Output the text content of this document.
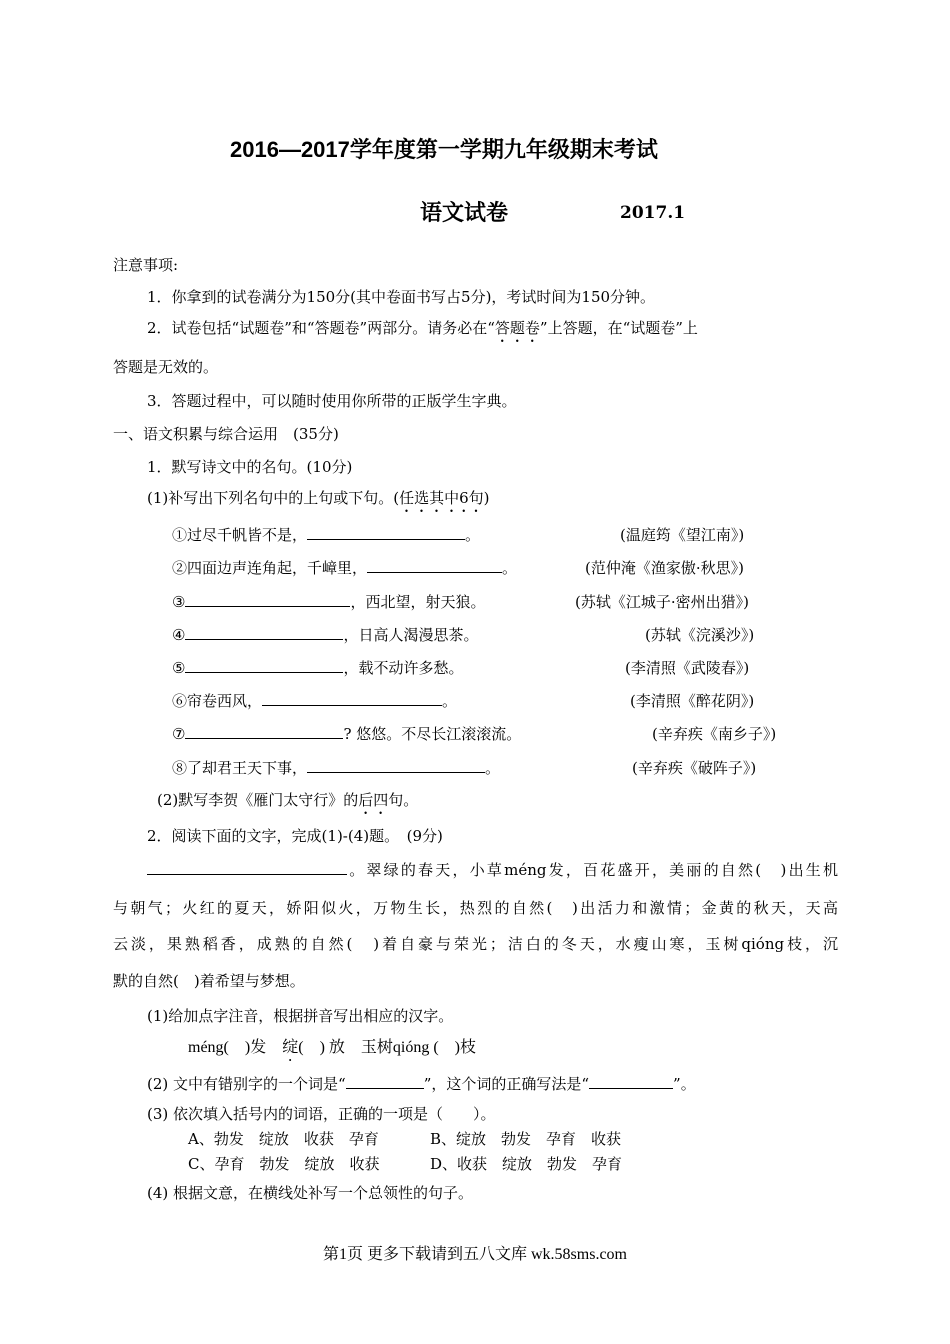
2016—2017学年度第一学期九年级期末考试
语文试卷	2017.1
注意事项:
1．你拿到的试卷满分为150分(其中卷面书写占5分)，考试时间为150分钟。
2．试卷包括“试题卷”和“答题卷”两部分。请务必在“答题卷”上答题，在“试题卷”上
答题是无效的。
3．答题过程中，可以随时使用你所带的正版学生字典。
一、语文积累与综合运用　(35分)
1．默写诗文中的名句。(10分)
(1)补写出下列名句中的上句或下句。(任选其中6句)
①过尽千帆皆不是，	。	(温庭筠《望江南》)
②四面边声连角起，千嶂里，	。	(范仲淹《渔家傲·秋思》)
③	，西北望，射天狼。	(苏轼《江城子·密州出猎》)
④	，日高人渴漫思茶。	(苏轼《浣溪沙》)
⑤	，载不动许多愁。	(李清照《武陵春》)
⑥帘卷西风，	。	(李清照《醉花阴》)
⑦	? 悠悠。不尽长江滚滚流。	(辛弃疾《南乡子》)
⑧了却君王天下事，	。	(辛弃疾《破阵子》)
(2)默写李贺《雁门太守行》的后四句。
2．阅读下面的文字，完成(1)-(4)题。　(9分)
。翠绿的春天，小草méng发，百花盛开，美丽的自然(　)出生机
与朝气；火红的夏天，娇阳似火，万物生长，热烈的自然(　)出活力和激情；金黄的秋天，天高
云淡，果熟稻香，成熟的自然(　)着自豪与荣光；洁白的冬天，水瘦山寒，玉树qióng枝，沉
默的自然(　)着希望与梦想。
(1)给加点字注音，根据拼音写出相应的汉字。
méng(　)发　绽(　) 放　玉树qióng (　)枝
(2) 文中有错别字的一个词是“	”，这个词的正确写法是“	”。
(3) 依次填入括号内的词语，正确的一项是（　　）。
A、勃发　绽放　收获　孕育	B、绽放　勃发　孕育　收获
C、孕育　勃发　绽放　收获	D、收获　绽放　勃发　孕育
(4) 根据文意，在横线处补写一个总领性的句子。
第1页 更多下载请到五八文库 wk.58sms.com
